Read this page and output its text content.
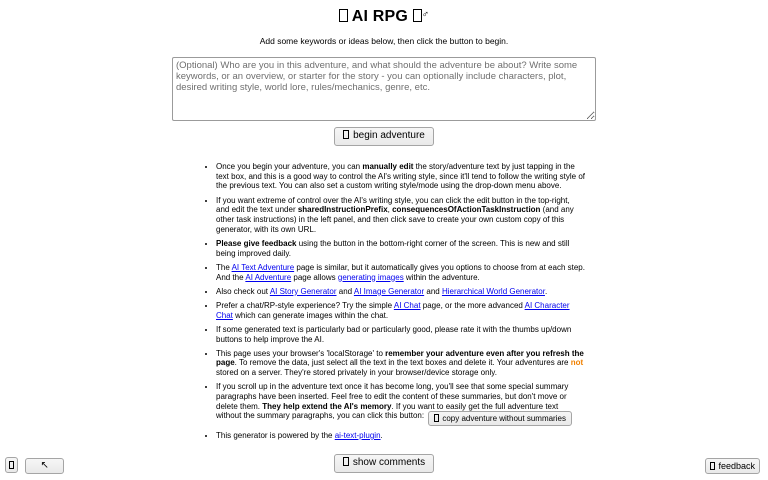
AI RPG ♂
Add some keywords or ideas below, then click the button to begin.
(Optional) Who are you in this adventure, and what should the adventure be about? Write some keywords, or an overview, or starter for the story - you can optionally include characters, plot, desired writing style, world lore, rules/mechanics, genre, etc. begin adventure
• Once you begin your adventure, you can manually edit the story/adventure text by just tapping in the text box, and this is a good way to control the AI's writing style, since it'll tend to follow the writing style of the previous text. You can also set a custom writing style/mode using the drop-down menu above.
• If you want extreme of control over the AI's writing style, you can click the edit button in the top-right, and edit the text under sharedInstructionPrefix, consequencesOfActionTaskInstruction (and any other task instructions) in the left panel, and then click save to create your own custom copy of this generator, with its own URL.
• Please give feedback using the button in the bottom-right corner of the screen. This is new and still being improved daily.
• The AI Text Adventure page is similar, but it automatically gives you options to choose from at each step. And the AI Adventure page allows generating images within the adventure.
• Also check out AI Story Generator and AI Image Generator and Hierarchical World Generator.
• Prefer a chat/RP-style experience? Try the simple AI Chat page, or the more advanced AI Character Chat which can generate images within the chat.
• If some generated text is particularly bad or particularly good, please rate it with the thumbs up/down buttons to help improve the AI.
• This page uses your browser's 'localStorage' to remember your adventure even after you refresh the page. To remove the data, just select all the text in the text boxes and delete it. Your adventures are not stored on a server. They're stored privately in your browser/device storage only.
• If you scroll up in the adventure text once it has become long, you'll see that some special summary paragraphs have been inserted. Feel free to edit the content of these summaries, but don't move or delete them. They help extend the AI's memory. If you want to easily get the full adventure text without the summary paragraphs, you can click this button: copy adventure without summaries
• This generator is powered by the ai-text-plugin.
show comments
↖	feedback
